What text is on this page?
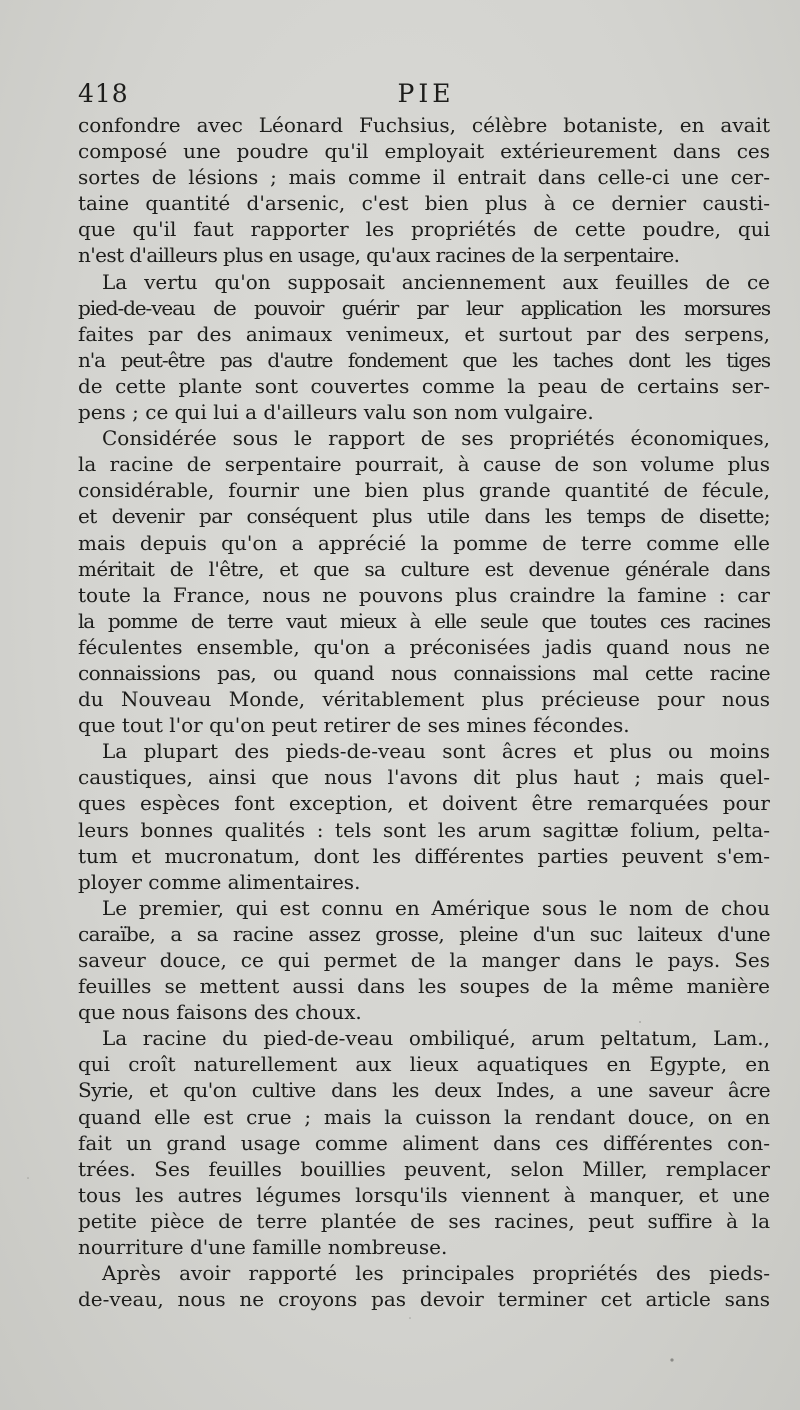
418	PIE
confondre avec Léonard Fuchsius, célèbre botaniste, en avait
composé une poudre qu'il employait extérieurement dans ces
sortes de lésions ; mais comme il entrait dans celle-ci une cer-
taine quantité d'arsenic, c'est bien plus à ce dernier causti-
que qu'il faut rapporter les propriétés de cette poudre, qui
n'est d'ailleurs plus en usage, qu'aux racines de la serpentaire.
La vertu qu'on supposait anciennement aux feuilles de ce
pied-de-veau de pouvoir guérir par leur application les morsures
faites par des animaux venimeux, et surtout par des serpens,
n'a peut-être pas d'autre fondement que les taches dont les tiges
de cette plante sont couvertes comme la peau de certains ser-
pens ; ce qui lui a d'ailleurs valu son nom vulgaire.
Considérée sous le rapport de ses propriétés économiques,
la racine de serpentaire pourrait, à cause de son volume plus
considérable, fournir une bien plus grande quantité de fécule,
et devenir par conséquent plus utile dans les temps de disette;
mais depuis qu'on a apprécié la pomme de terre comme elle
méritait de l'être, et que sa culture est devenue générale dans
toute la France, nous ne pouvons plus craindre la famine : car
la pomme de terre vaut mieux à elle seule que toutes ces racines
féculentes ensemble, qu'on a préconisées jadis quand nous ne
connaissions pas, ou quand nous connaissions mal cette racine
du Nouveau Monde, véritablement plus précieuse pour nous
que tout l'or qu'on peut retirer de ses mines fécondes.
La plupart des pieds-de-veau sont âcres et plus ou moins
caustiques, ainsi que nous l'avons dit plus haut ; mais quel-
ques espèces font exception, et doivent être remarquées pour
leurs bonnes qualités : tels sont les arum sagittæ folium, pelta-
tum et mucronatum, dont les différentes parties peuvent s'em-
ployer comme alimentaires.
Le premier, qui est connu en Amérique sous le nom de chou
caraïbe, a sa racine assez grosse, pleine d'un suc laiteux d'une
saveur douce, ce qui permet de la manger dans le pays. Ses
feuilles se mettent aussi dans les soupes de la même manière
que nous faisons des choux.
La racine du pied-de-veau ombiliqué, arum peltatum, Lam.,
qui croît naturellement aux lieux aquatiques en Egypte, en
Syrie, et qu'on cultive dans les deux Indes, a une saveur âcre
quand elle est crue ; mais la cuisson la rendant douce, on en
fait un grand usage comme aliment dans ces différentes con-
trées. Ses feuilles bouillies peuvent, selon Miller, remplacer
tous les autres légumes lorsqu'ils viennent à manquer, et une
petite pièce de terre plantée de ses racines, peut suffire à la
nourriture d'une famille nombreuse.
Après avoir rapporté les principales propriétés des pieds-
de-veau, nous ne croyons pas devoir terminer cet article sans
